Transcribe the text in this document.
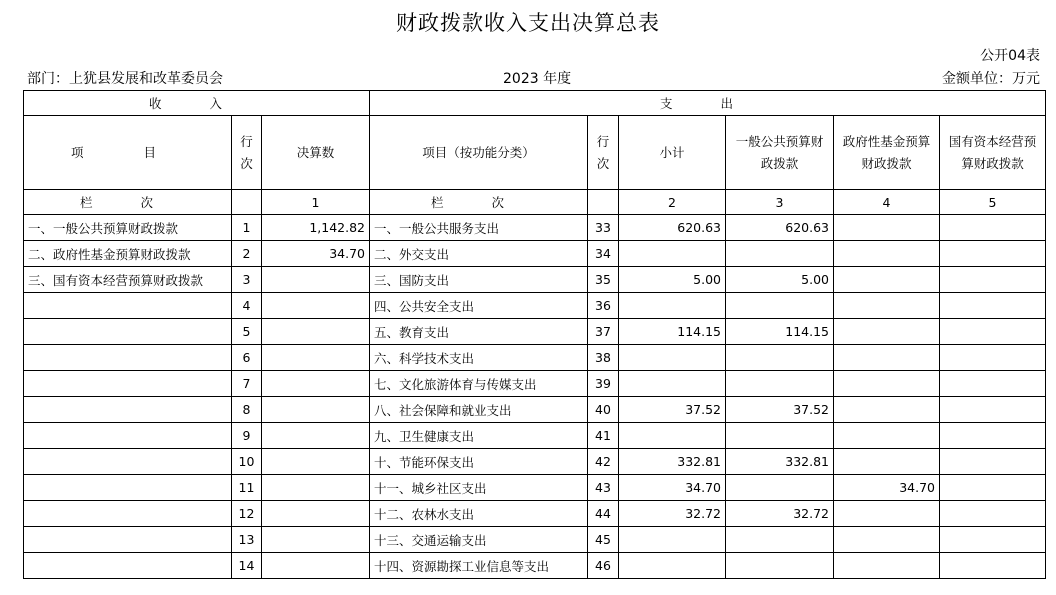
财政拨款收入支出决算总表
公开04表
部门：上犹县发展和改革委员会	2023 年度	金额单位：万元
收 入			支 出					
项 目	行次	决算数	项目（按功能分类）	行次	小计	一般公共预算财政拨款	政府性基金预算财政拨款	国有资本经营预算财政拨款
栏 次		1	栏 次		2	3	4	5
一、一般公共预算财政拨款	1	1,142.82	一、一般公共服务支出	33	620.63	620.63		
二、政府性基金预算财政拨款	2	34.70	二、外交支出	34				
三、国有资本经营预算财政拨款	3		三、国防支出	35	5.00	5.00		
	4		四、公共安全支出	36				
	5		五、教育支出	37	114.15	114.15		
	6		六、科学技术支出	38				
	7		七、文化旅游体育与传媒支出	39				
	8		八、社会保障和就业支出	40	37.52	37.52		
	9		九、卫生健康支出	41				
	10		十、节能环保支出	42	332.81	332.81		
	11		十一、城乡社区支出	43	34.70		34.70	
	12		十二、农林水支出	44	32.72	32.72		
	13		十三、交通运输支出	45				
	14		十四、资源勘探工业信息等支出	46				
